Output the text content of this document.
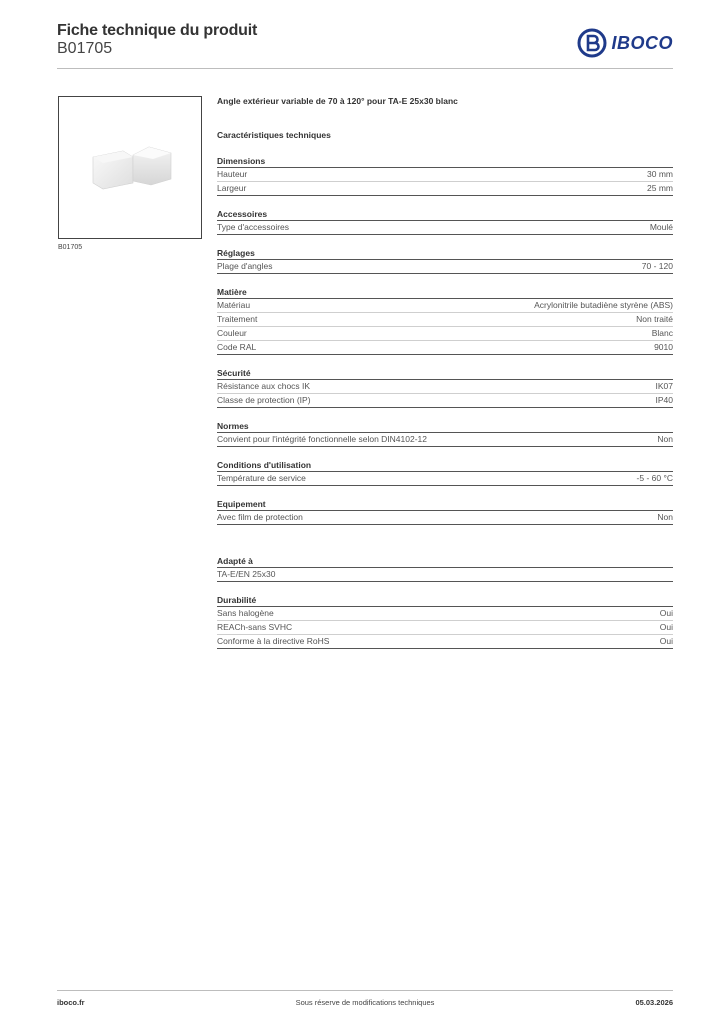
Fiche technique du produit
B01705	IBOCO
B01705
Angle extérieur variable de 70 à 120° pour TA-E 25x30 blanc
Caractéristiques techniques
Dimensions
Hauteur	30 mm
Largeur	25 mm
Accessoires
Type d'accessoires	Moulé
Réglages
Plage d'angles	70 - 120
Matière
Matériau	Acrylonitrile butadiène styrène (ABS)
Traitement	Non traité
Couleur	Blanc
Code RAL	9010
Sécurité
Résistance aux chocs IK	IK07
Classe de protection (IP)	IP40
Normes
Convient pour l'intégrité fonctionnelle selon DIN4102-12	Non
Conditions d'utilisation
Température de service	-5 - 60 °C
Equipement
Avec film de protection	Non
Adapté à
TA-E/EN 25x30
Durabilité
Sans halogène	Oui
REACh-sans SVHC	Oui
Conforme à la directive RoHS	Oui
iboco.fr	Sous réserve de modifications techniques	05.03.2026
